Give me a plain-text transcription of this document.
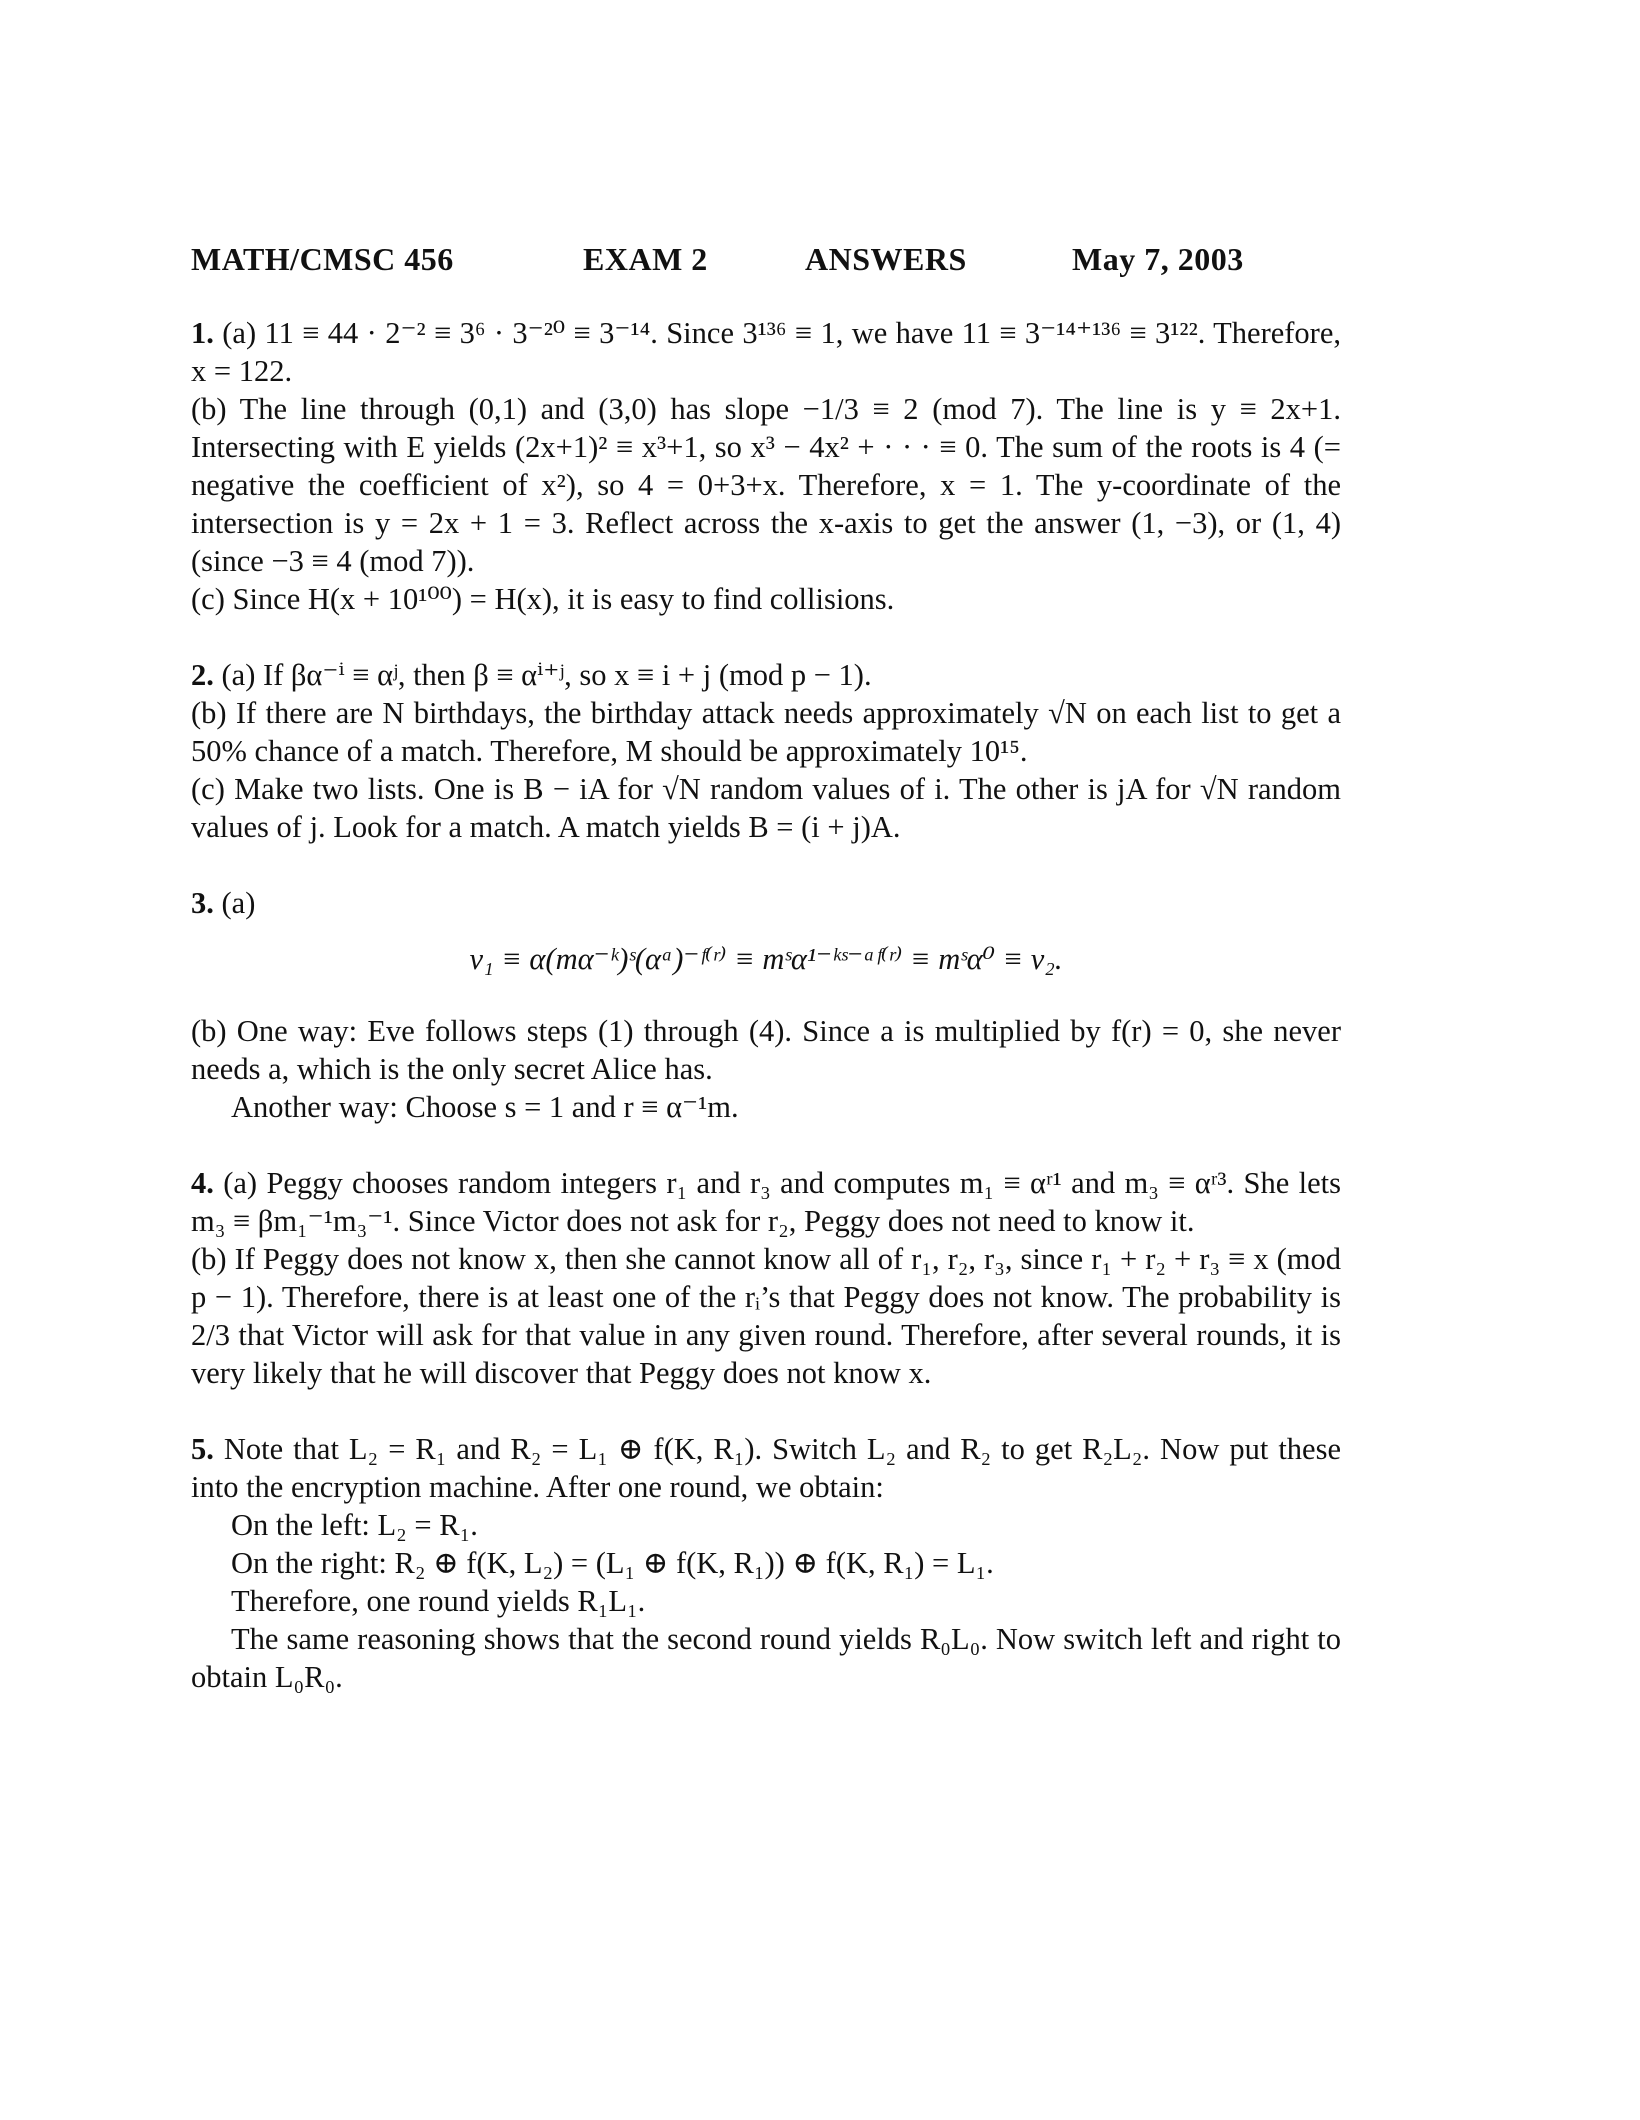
MATH/CMSC 456	EXAM 2	ANSWERS	May 7, 2003

1. (a) 11 ≡ 44 · 2⁻² ≡ 3⁶ · 3⁻²⁰ ≡ 3⁻¹⁴. Since 3¹³⁶ ≡ 1, we have 11 ≡ 3⁻¹⁴⁺¹³⁶ ≡ 3¹²². Therefore, x = 122.

(b) The line through (0,1) and (3,0) has slope −1/3 ≡ 2 (mod 7). The line is y ≡ 2x+1. Intersecting with E yields (2x+1)² ≡ x³+1, so x³ − 4x² + · · · ≡ 0. The sum of the roots is 4 (= negative the coefficient of x²), so 4 = 0+3+x. Therefore, x = 1. The y-coordinate of the intersection is y = 2x + 1 = 3. Reflect across the x-axis to get the answer (1, −3), or (1, 4) (since −3 ≡ 4 (mod 7)).

(c) Since H(x + 10¹⁰⁰) = H(x), it is easy to find collisions.

2. (a) If βα⁻ⁱ ≡ αʲ, then β ≡ αⁱ⁺ʲ, so x ≡ i + j (mod p − 1).

(b) If there are N birthdays, the birthday attack needs approximately √N on each list to get a 50% chance of a match. Therefore, M should be approximately 10¹⁵.

(c) Make two lists. One is B − iA for √N random values of i. The other is jA for √N random values of j. Look for a match. A match yields B = (i + j)A.

3. (a)

v₁ ≡ α(mα⁻ᵏ)ˢ(αᵃ)⁻ᶠ⁽ʳ⁾ ≡ mˢα¹⁻ᵏˢ⁻ᵃᶠ⁽ʳ⁾ ≡ mˢα⁰ ≡ v₂.

(b) One way: Eve follows steps (1) through (4). Since a is multiplied by f(r) = 0, she never needs a, which is the only secret Alice has.

Another way: Choose s = 1 and r ≡ α⁻¹m.

4. (a) Peggy chooses random integers r₁ and r₃ and computes m₁ ≡ αʳ¹ and m₃ ≡ αʳ³. She lets m₃ ≡ βm₁⁻¹m₃⁻¹. Since Victor does not ask for r₂, Peggy does not need to know it.

(b) If Peggy does not know x, then she cannot know all of r₁, r₂, r₃, since r₁ + r₂ + r₃ ≡ x (mod p − 1). Therefore, there is at least one of the rᵢ’s that Peggy does not know. The probability is 2/3 that Victor will ask for that value in any given round. Therefore, after several rounds, it is very likely that he will discover that Peggy does not know x.

5. Note that L₂ = R₁ and R₂ = L₁ ⊕ f(K, R₁). Switch L₂ and R₂ to get R₂L₂. Now put these into the encryption machine. After one round, we obtain:

On the left: L₂ = R₁.

On the right: R₂ ⊕ f(K, L₂) = (L₁ ⊕ f(K, R₁)) ⊕ f(K, R₁) = L₁.

Therefore, one round yields R₁L₁.

The same reasoning shows that the second round yields R₀L₀. Now switch left and right to obtain L₀R₀.
